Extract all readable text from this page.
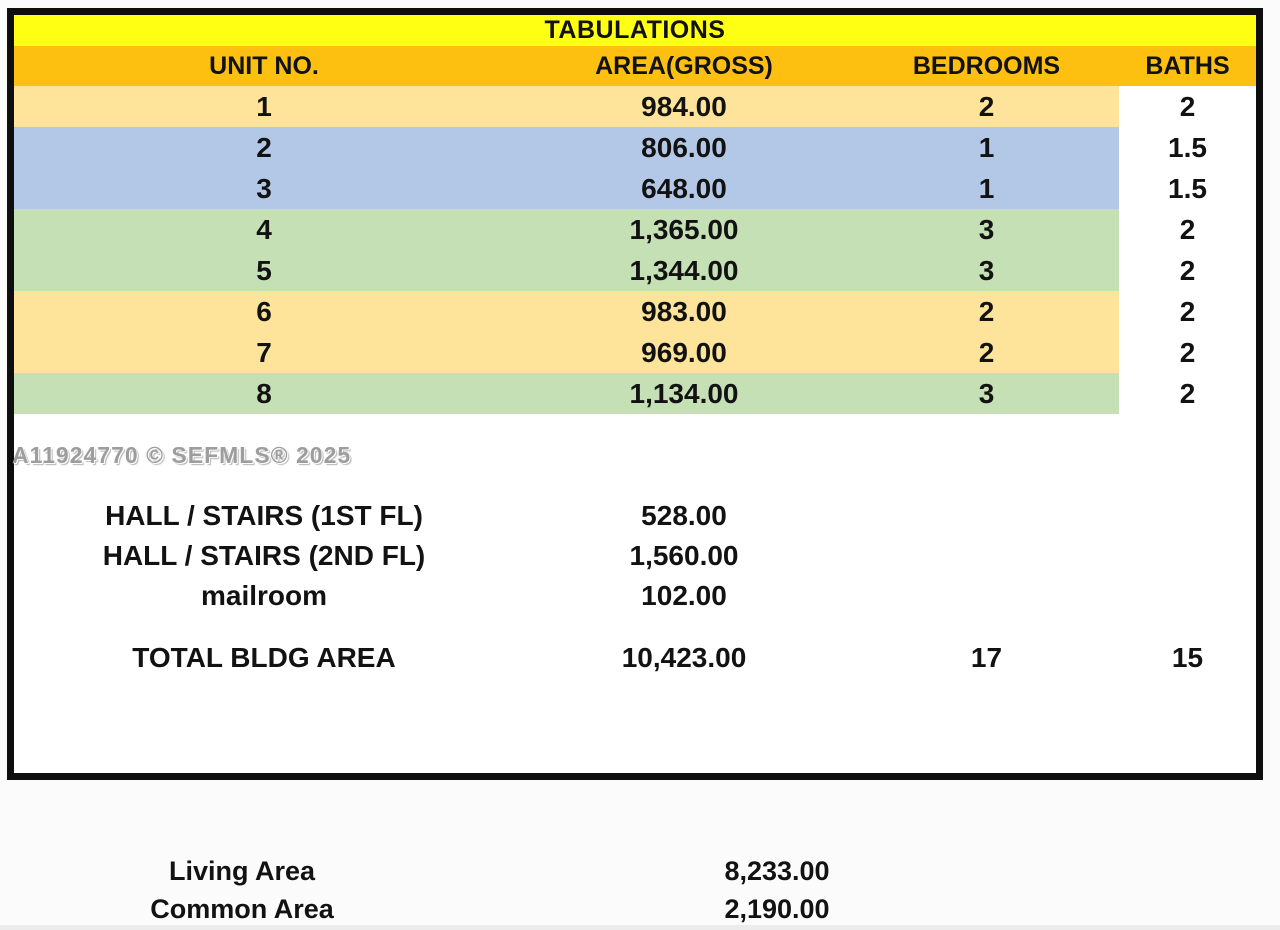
TABULATIONS
UNIT NO.	AREA(GROSS)	BEDROOMS	BATHS
1	984.00	2	2
2	806.00	1	1.5
3	648.00	1	1.5
4	1,365.00	3	2
5	1,344.00	3	2
6	983.00	2	2
7	969.00	2	2
8	1,134.00	3	2
A11924770 © SEFMLS® 2025
HALL / STAIRS (1ST FL)	528.00
HALL / STAIRS (2ND FL)	1,560.00
mailroom	102.00
TOTAL BLDG AREA	10,423.00	17	15
Living Area	8,233.00
Common Area	2,190.00
